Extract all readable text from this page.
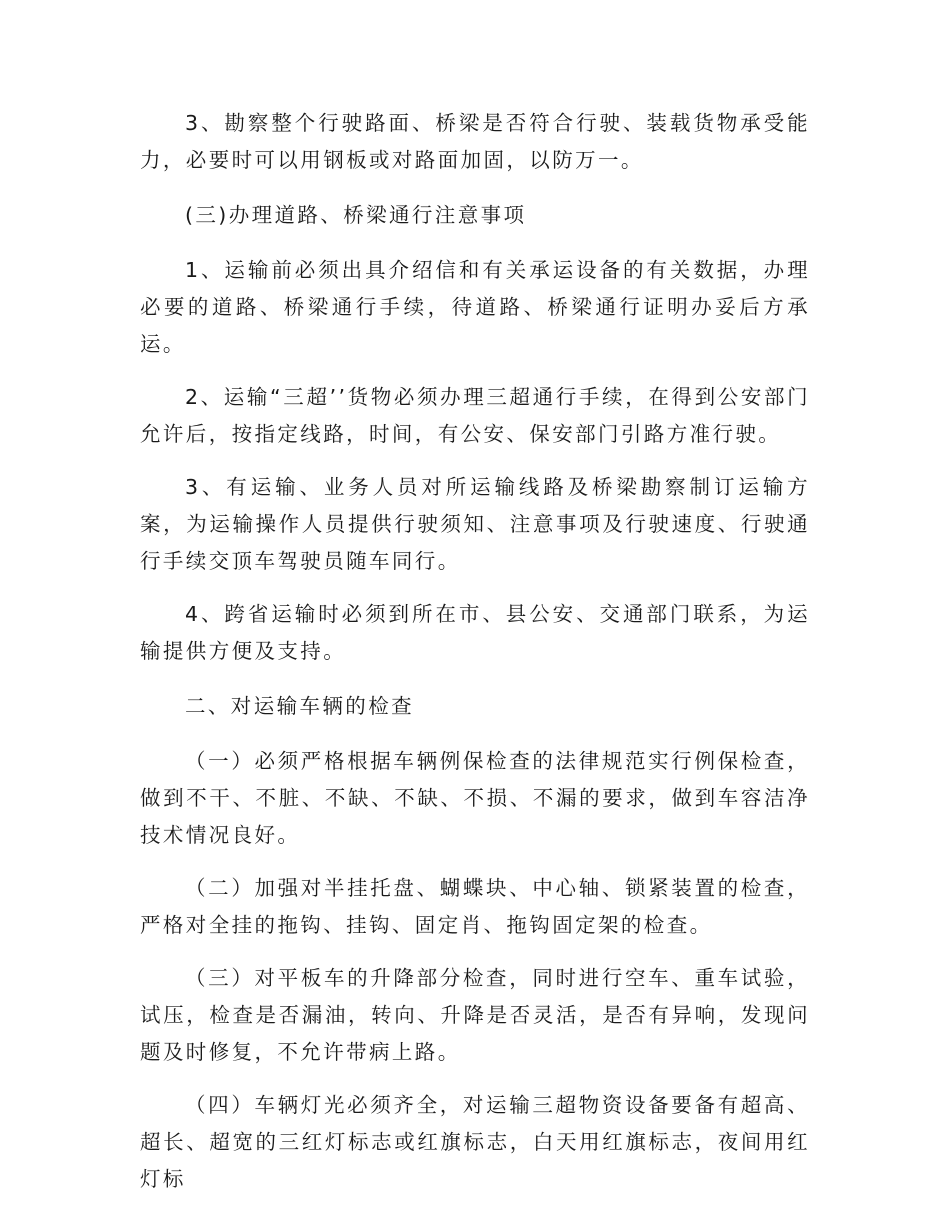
3、勘察整个行驶路面、桥梁是否符合行驶、装载货物承受能力，必要时可以用钢板或对路面加固，以防万一。

(三)办理道路、桥梁通行注意事项

1、运输前必须出具介绍信和有关承运设备的有关数据，办理必要的道路、桥梁通行手续，待道路、桥梁通行证明办妥后方承运。

2、运输“三超’’货物必须办理三超通行手续，在得到公安部门允许后，按指定线路，时间，有公安、保安部门引路方准行驶。

3、有运输、业务人员对所运输线路及桥梁勘察制订运输方案，为运输操作人员提供行驶须知、注意事项及行驶速度、行驶通行手续交顶车驾驶员随车同行。

4、跨省运输时必须到所在市、县公安、交通部门联系，为运输提供方便及支持。

二、对运输车辆的检查

（一）必须严格根据车辆例保检查的法律规范实行例保检查，做到不干、不脏、不缺、不缺、不损、不漏的要求，做到车容洁净技术情况良好。

（二）加强对半挂托盘、蝴蝶块、中心轴、锁紧装置的检查，严格对全挂的拖钩、挂钩、固定肖、拖钩固定架的检查。

（三）对平板车的升降部分检查，同时进行空车、重车试验，试压，检查是否漏油，转向、升降是否灵活，是否有异响，发现问题及时修复，不允许带病上路。

（四）车辆灯光必须齐全，对运输三超物资设备要备有超高、超长、超宽的三红灯标志或红旗标志，白天用红旗标志，夜间用红灯标
